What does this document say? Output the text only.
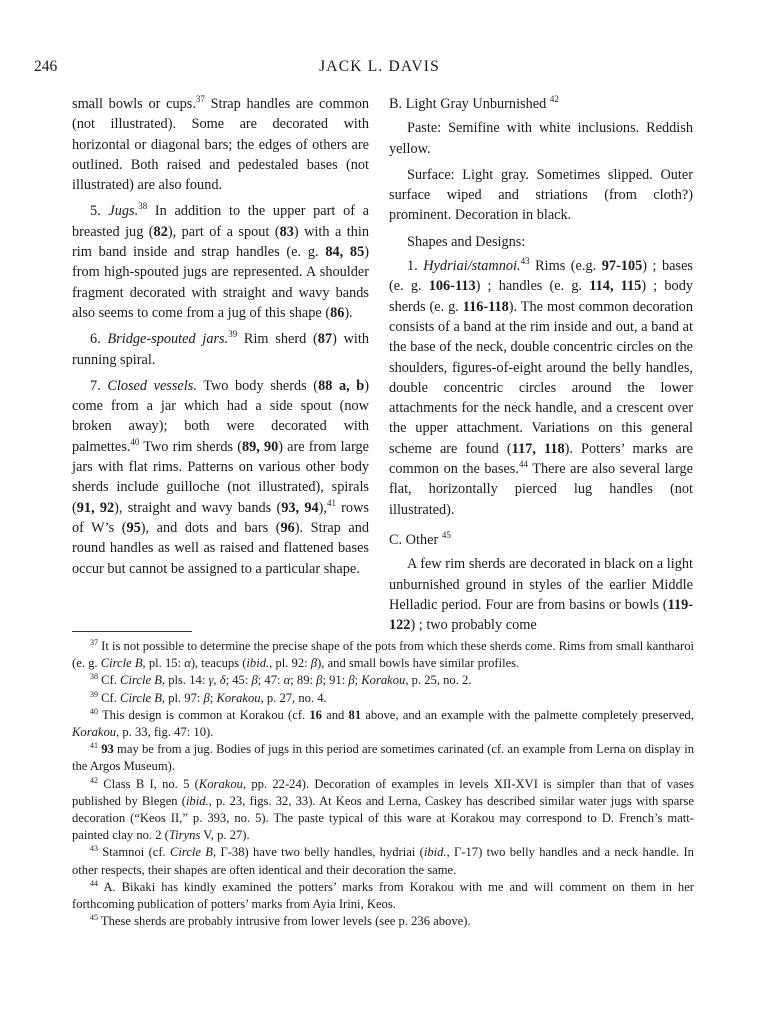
246	JACK L. DAVIS

small bowls or cups.$^{37}$ Strap handles are common (not illustrated). Some are decorated with horizontal or diagonal bars; the edges of others are outlined. Both raised and pedestaled bases (not illustrated) are also found.

5. Jugs.$^{38}$ In addition to the upper part of a breasted jug (82), part of a spout (83) with a thin rim band inside and strap handles (e. g. 84, 85) from high-spouted jugs are represented. A shoulder fragment decorated with straight and wavy bands also seems to come from a jug of this shape (86).

6. Bridge-spouted jars.$^{39}$ Rim sherd (87) with running spiral.

7. Closed vessels. Two body sherds (88 a, b) come from a jar which had a side spout (now broken away); both were decorated with palmettes.$^{40}$ Two rim sherds (89, 90) are from large jars with flat rims. Patterns on various other body sherds include guilloche (not illustrated), spirals (91, 92), straight and wavy bands (93, 94),$^{41}$ rows of W’s (95), and dots and bars (96). Strap and round handles as well as raised and flattened bases occur but cannot be assigned to a particular shape.

B. Light Gray Unburnished $^{42}$

Paste: Semifine with white inclusions. Reddish yellow.

Surface: Light gray. Sometimes slipped. Outer surface wiped and striations (from cloth?) prominent. Decoration in black.

Shapes and Designs:

1. Hydriai/stamnoi.$^{43}$ Rims (e.g. 97-105) ; bases (e. g. 106-113) ; handles (e. g. 114, 115) ; body sherds (e. g. 116-118). The most common decoration consists of a band at the rim inside and out, a band at the base of the neck, double concentric circles on the shoulders, figures-of-eight around the belly handles, double concentric circles around the lower attachments for the neck handle, and a crescent over the upper attachment. Variations on this general scheme are found (117, 118). Potters’ marks are common on the bases.$^{44}$ There are also several large flat, horizontally pierced lug handles (not illustrated).

C. Other $^{45}$

A few rim sherds are decorated in black on a light unburnished ground in styles of the earlier Middle Helladic period. Four are from basins or bowls (119-122) ; two probably come

$^{37}$ It is not possible to determine the precise shape of the pots from which these sherds come. Rims from small kantharoi (e. g. Circle B, pl. 15: α), teacups (ibid., pl. 92: β), and small bowls have similar profiles.

$^{38}$ Cf. Circle B, pls. 14: γ, δ; 45: β; 47: α; 89: β; 91: β; Korakou, p. 25, no. 2.

$^{39}$ Cf. Circle B, pl. 97: β; Korakou, p. 27, no. 4.

$^{40}$ This design is common at Korakou (cf. 16 and 81 above, and an example with the palmette completely preserved, Korakou, p. 33, fig. 47: 10).

$^{41}$ 93 may be from a jug. Bodies of jugs in this period are sometimes carinated (cf. an example from Lerna on display in the Argos Museum).

$^{42}$ Class B I, no. 5 (Korakou, pp. 22-24). Decoration of examples in levels XII-XVI is simpler than that of vases published by Blegen (ibid., p. 23, figs. 32, 33). At Keos and Lerna, Caskey has described similar water jugs with sparse decoration (“Keos II,” p. 393, no. 5). The paste typical of this ware at Korakou may correspond to D. French’s matt-painted clay no. 2 (Tiryns V, p. 27).

$^{43}$ Stamnoi (cf. Circle B, Γ-38) have two belly handles, hydriai (ibid., Γ-17) two belly handles and a neck handle. In other respects, their shapes are often identical and their decoration the same.

$^{44}$ A. Bikaki has kindly examined the potters’ marks from Korakou with me and will comment on them in her forthcoming publication of potters’ marks from Ayia Irini, Keos.

$^{45}$ These sherds are probably intrusive from lower levels (see p. 236 above).
